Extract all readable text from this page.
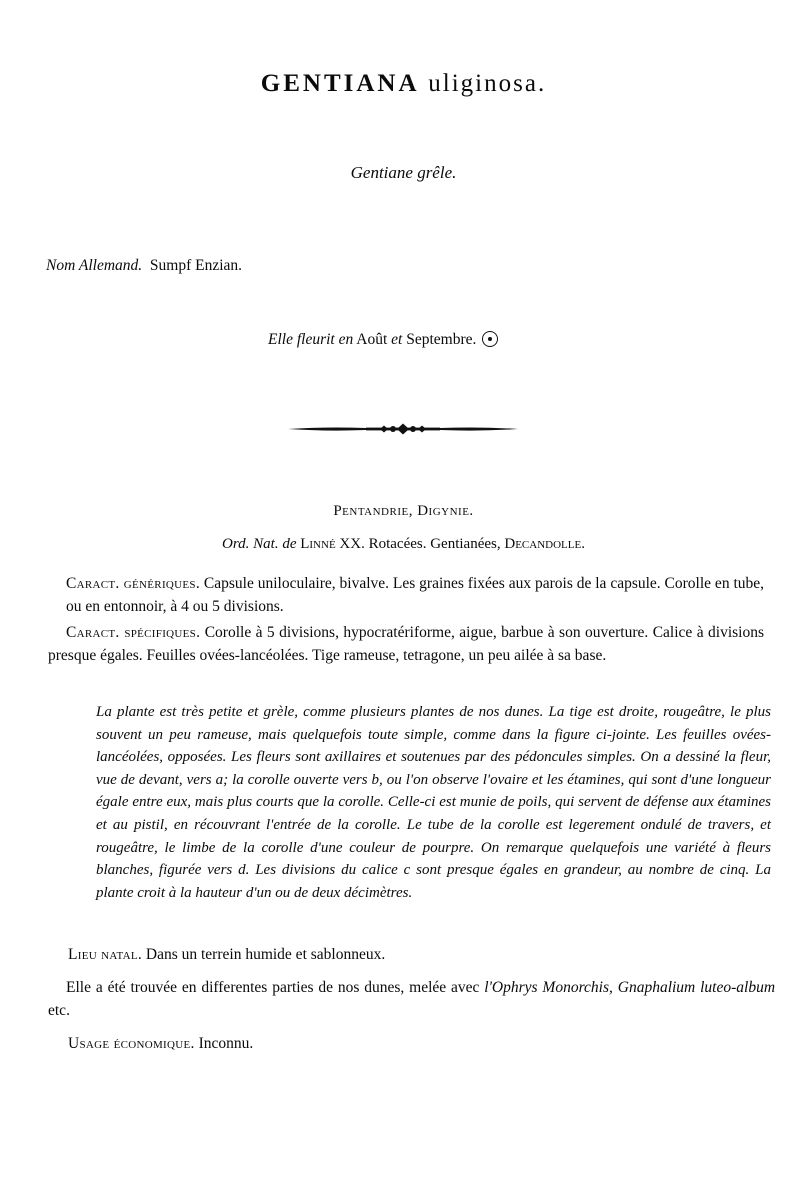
GENTIANA uliginosa.
Gentiane grêle.
Nom Allemand. Sumpf Enzian.
Elle fleurit en Août et Septembre.
Pentandrie, Digynie.
Ord. Nat. de Linné XX. Rotacées. Gentianées, Decandolle.
Caract. génériques. Capsule uniloculaire, bivalve. Les graines fixées aux parois de la capsule. Corolle en tube, ou en entonnoir, à 4 ou 5 divisions.
Caract. spécifiques. Corolle à 5 divisions, hypocratériforme, aigue, barbue à son ouverture. Calice à divisions presque égales. Feuilles ovées-lancéolées. Tige rameuse, tetragone, un peu ailée à sa base.
La plante est très petite et grèle, comme plusieurs plantes de nos dunes. La tige est droite, rougeâtre, le plus souvent un peu rameuse, mais quelquefois toute simple, comme dans la figure ci-jointe. Les feuilles ovées-lancéolées, opposées. Les fleurs sont axillaires et soutenues par des pédoncules simples. On a dessiné la fleur, vue de devant, vers a; la corolle ouverte vers b, ou l'on observe l'ovaire et les étamines, qui sont d'une longueur égale entre eux, mais plus courts que la corolle. Celle-ci est munie de poils, qui servent de défense aux étamines et au pistil, en récouvrant l'entrée de la corolle. Le tube de la corolle est legerement ondulé de travers, et rougeâtre, le limbe de la corolle d'une couleur de pourpre. On remarque quelquefois une variété à fleurs blanches, figurée vers d. Les divisions du calice c sont presque égales en grandeur, au nombre de cinq. La plante croit à la hauteur d'un ou de deux décimètres.
Lieu natal. Dans un terrein humide et sablonneux.
Elle a été trouvée en differentes parties de nos dunes, melée avec l'Ophrys Monorchis, Gnaphalium luteo-album etc.
Usage économique. Inconnu.
